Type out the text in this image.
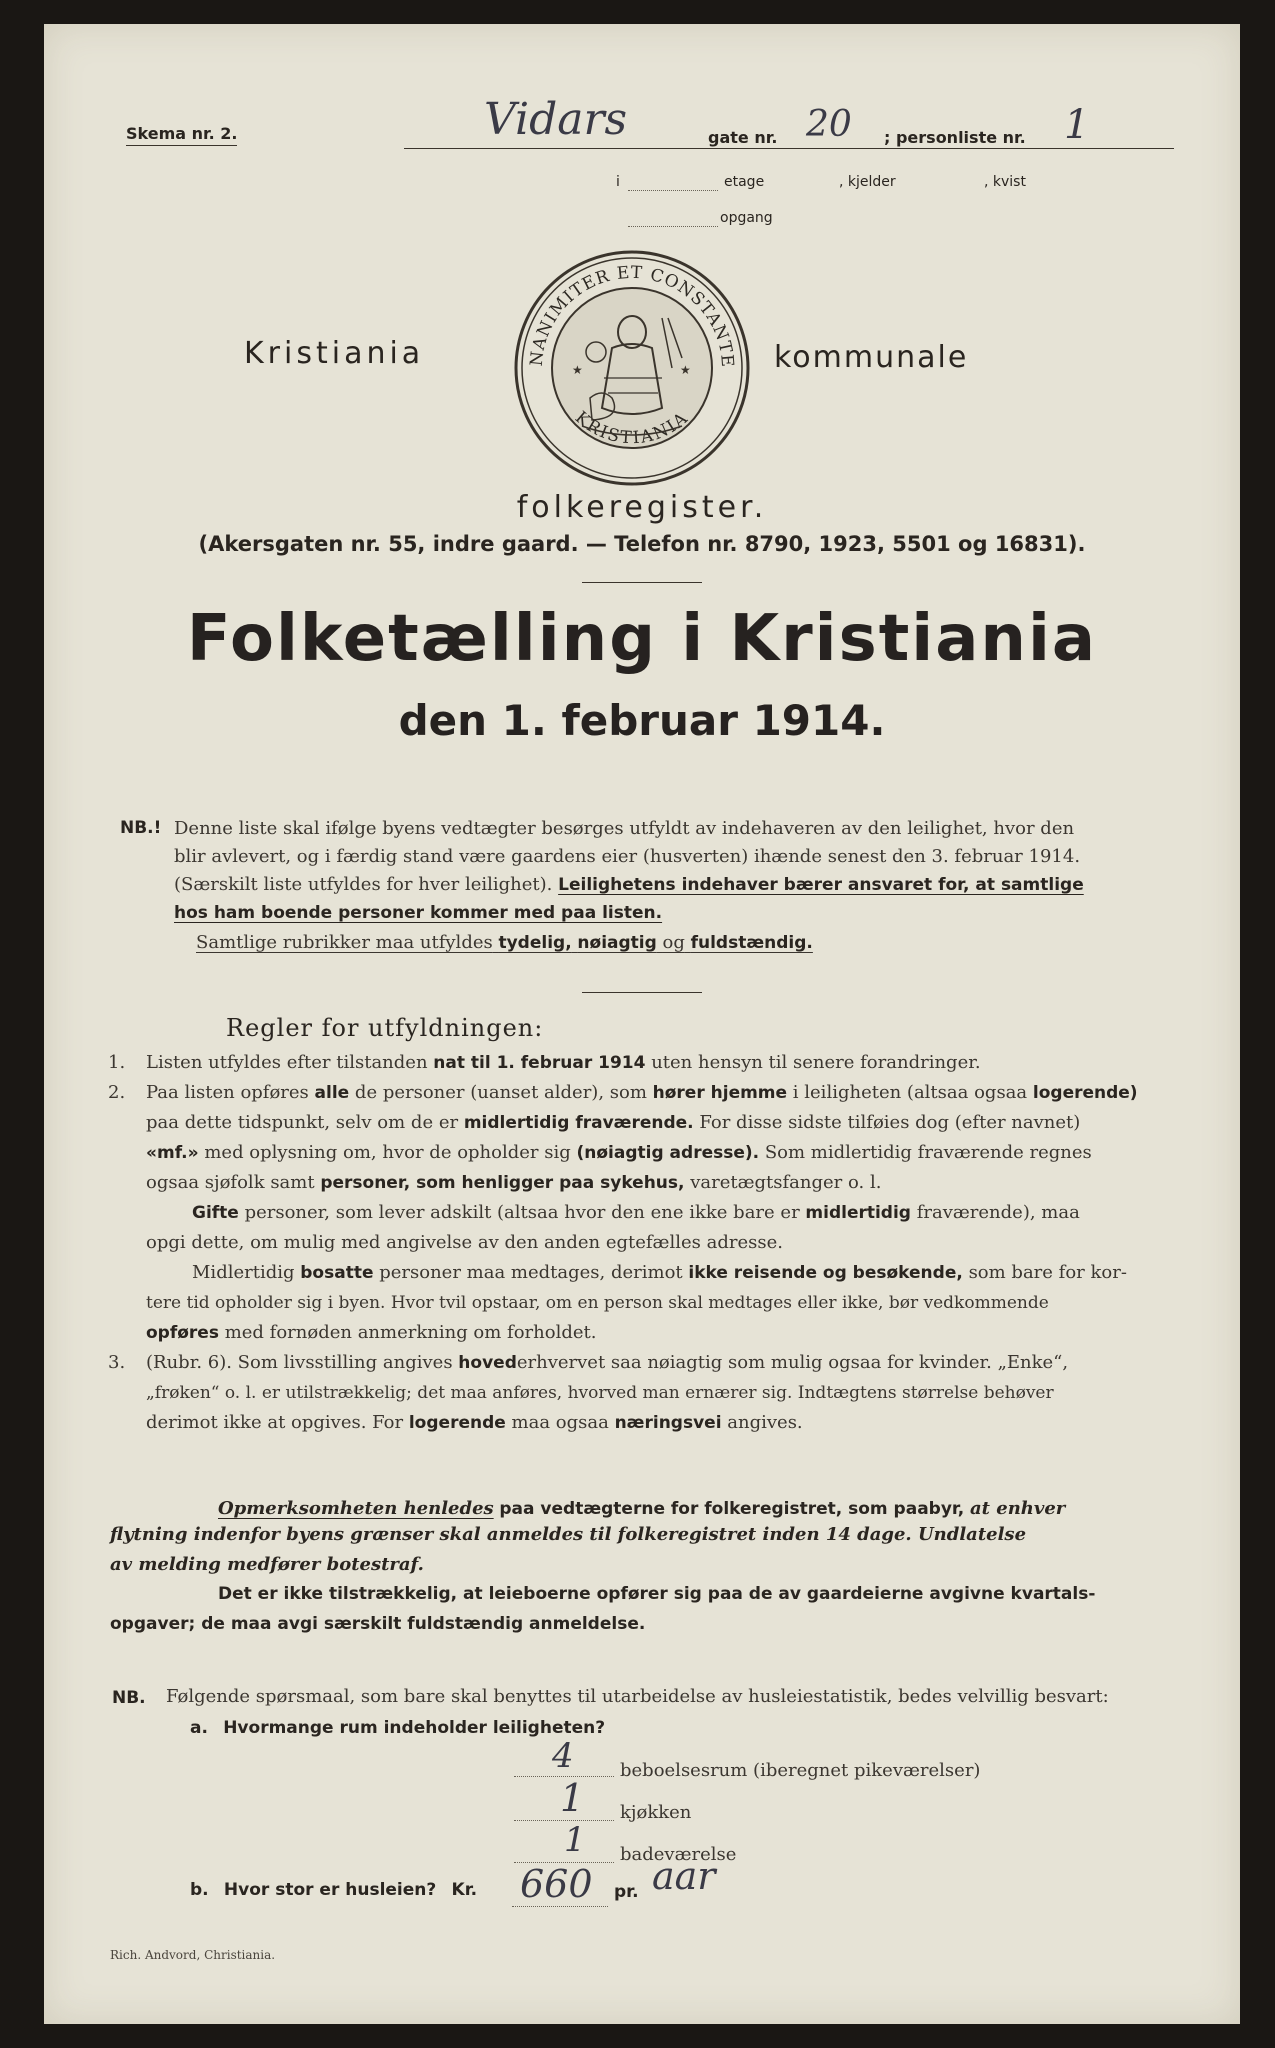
Skema nr. 2.	Vidars	gate nr. 20 ; personliste nr. 1
i	etage	, kjelder	, kvist
opgang
NANIMITER ET CONSTANTE
KRISTIANIA
★	★
Kristiania	kommunale
folkeregister.
(Akersgaten nr. 55, indre gaard. — Telefon nr. 8790, 1923, 5501 og 16831).
Folketælling i Kristiania
den 1. februar 1914.
NB.! Denne liste skal ifølge byens vedtægter besørges utfyldt av indehaveren av den leilighet, hvor den
blir avlevert, og i færdig stand være gaardens eier (husverten) ihænde senest den 3. februar 1914.
(Særskilt liste utfyldes for hver leilighet). Leilighetens indehaver bærer ansvaret for, at samtlige
hos ham boende personer kommer med paa listen.
Samtlige rubrikker maa utfyldes tydelig, nøiagtig og fuldstændig.
Regler for utfyldningen:
1. Listen utfyldes efter tilstanden nat til 1. februar 1914 uten hensyn til senere forandringer.
2. Paa listen opføres alle de personer (uanset alder), som hører hjemme i leiligheten (altsaa ogsaa logerende)
paa dette tidspunkt, selv om de er midlertidig fraværende. For disse sidste tilføies dog (efter navnet)
«mf.» med oplysning om, hvor de opholder sig (nøiagtig adresse). Som midlertidig fraværende regnes
ogsaa sjøfolk samt personer, som henligger paa sykehus, varetægtsfanger o. l.
Gifte personer, som lever adskilt (altsaa hvor den ene ikke bare er midlertidig fraværende), maa
opgi dette, om mulig med angivelse av den anden egtefælles adresse.
Midlertidig bosatte personer maa medtages, derimot ikke reisende og besøkende, som bare for kor-
tere tid opholder sig i byen. Hvor tvil opstaar, om en person skal medtages eller ikke, bør vedkommende
opføres med fornøden anmerkning om forholdet.
3. (Rubr. 6). Som livsstilling angives hovederhvervet saa nøiagtig som mulig ogsaa for kvinder. „Enke“,
„frøken“ o. l. er utilstrækkelig; det maa anføres, hvorved man ernærer sig. Indtægtens størrelse behøver
derimot ikke at opgives. For logerende maa ogsaa næringsvei angives.
Opmerksomheten henledes paa vedtægterne for folkeregistret, som paabyr, at enhver
flytning indenfor byens grænser skal anmeldes til folkeregistret inden 14 dage. Undlatelse
av melding medfører botestraf.
Det er ikke tilstrækkelig, at leieboerne opfører sig paa de av gaardeierne avgivne kvartals-
opgaver; de maa avgi særskilt fuldstændig anmeldelse.
NB. Følgende spørsmaal, som bare skal benyttes til utarbeidelse av husleiestatistik, bedes velvillig besvart:
a. Hvormange rum indeholder leiligheten?
4	beboelsesrum (iberegnet pikeværelser)
1 kjøkken
1 badeværelse
b. Hvor stor er husleien? Kr. 660 pr. aar
Rich. Andvord, Christiania.
